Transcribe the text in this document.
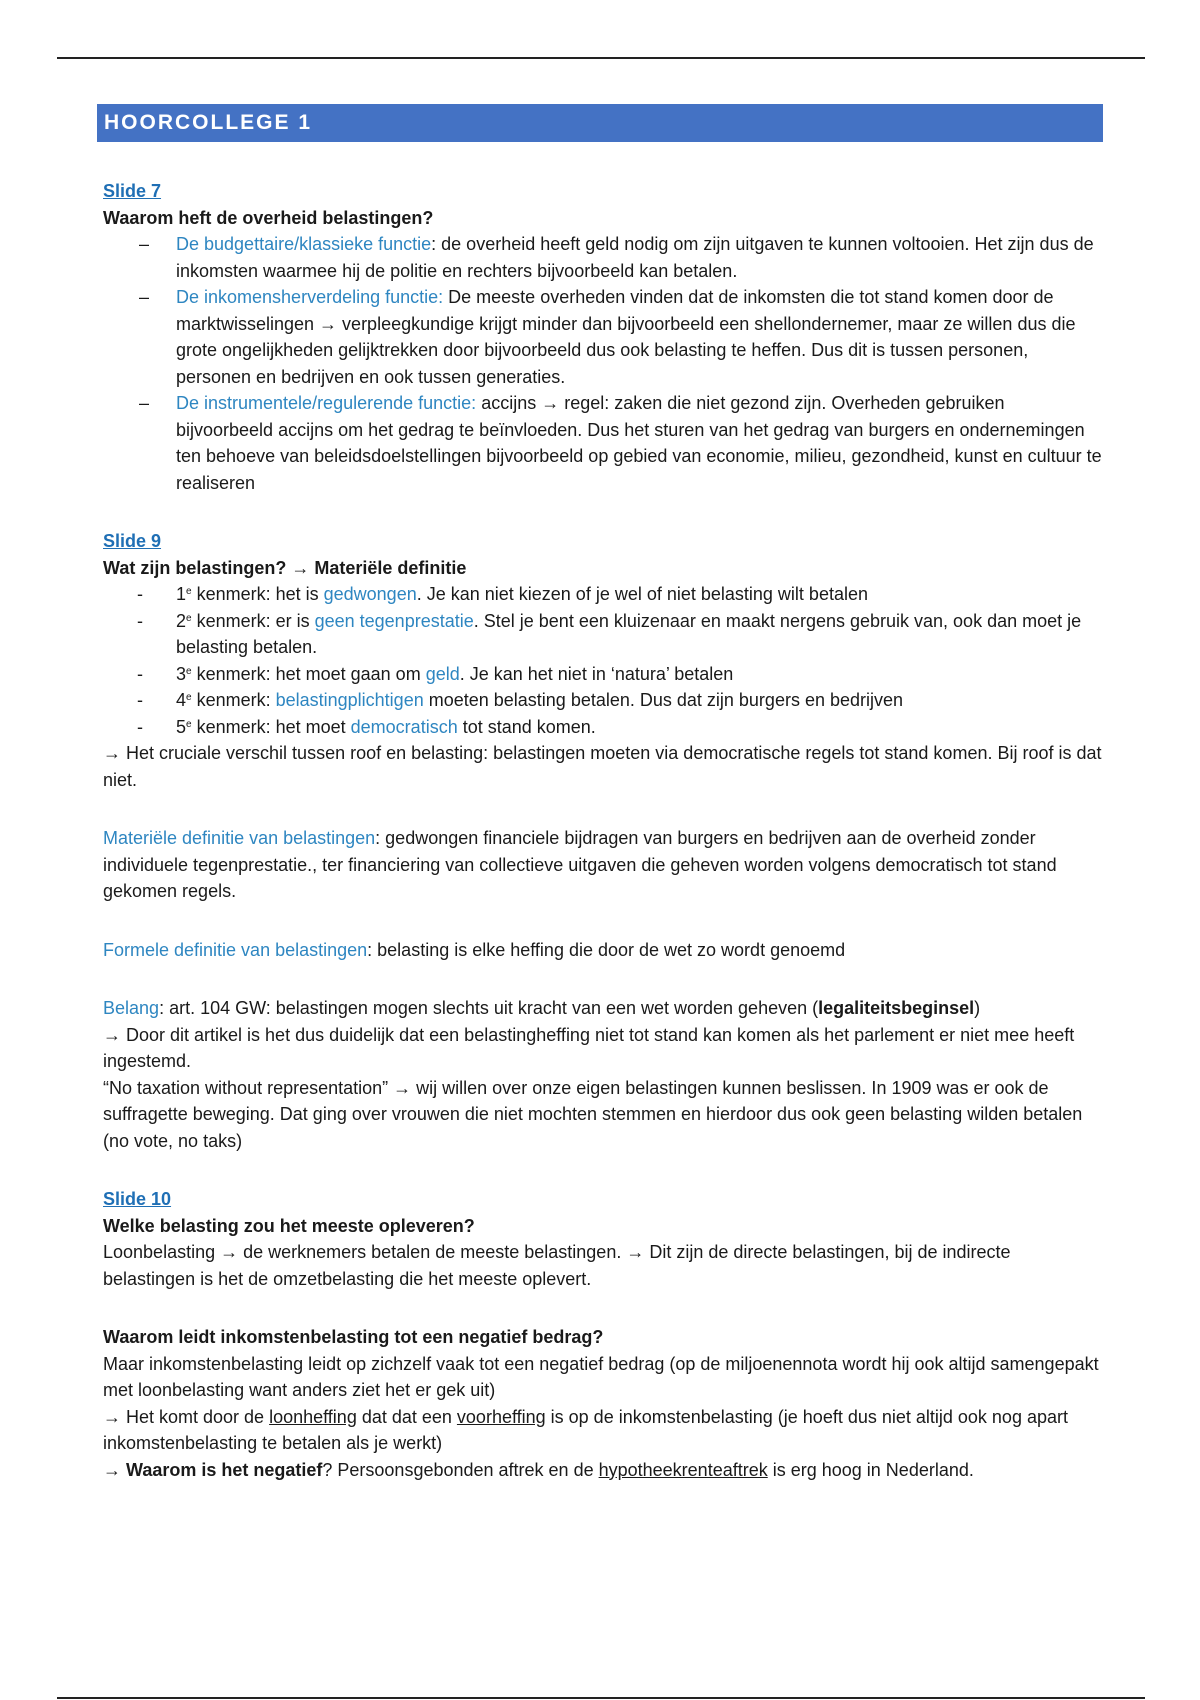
HOORCOLLEGE 1
Slide 7

Waarom heft de overheid belastingen?

– De budgettaire/klassieke functie: de overheid heeft geld nodig om zijn uitgaven te kunnen voltooien. Het zijn dus de inkomsten waarmee hij de politie en rechters bijvoorbeeld kan betalen.
– De inkomensherverdeling functie: De meeste overheden vinden dat de inkomsten die tot stand komen door de marktwisselingen → verpleegkundige krijgt minder dan bijvoorbeeld een shellondernemer, maar ze willen dus die grote ongelijkheden gelijktrekken door bijvoorbeeld dus ook belasting te heffen. Dus dit is tussen personen, personen en bedrijven en ook tussen generaties.
– De instrumentele/regulerende functie: accijns → regel: zaken die niet gezond zijn. Overheden gebruiken bijvoorbeeld accijns om het gedrag te beïnvloeden. Dus het sturen van het gedrag van burgers en ondernemingen ten behoeve van beleidsdoelstellingen bijvoorbeeld op gebied van economie, milieu, gezondheid, kunst en cultuur te realiseren
Slide 9

Wat zijn belastingen? → Materiële definitie

- 1e kenmerk: het is gedwongen. Je kan niet kiezen of je wel of niet belasting wilt betalen
- 2e kenmerk: er is geen tegenprestatie. Stel je bent een kluizenaar en maakt nergens gebruik van, ook dan moet je belasting betalen.
- 3e kenmerk: het moet gaan om geld. Je kan het niet in ‘natura’ betalen
- 4e kenmerk: belastingplichtigen moeten belasting betalen. Dus dat zijn burgers en bedrijven
- 5e kenmerk: het moet democratisch tot stand komen.

→ Het cruciale verschil tussen roof en belasting: belastingen moeten via democratische regels tot stand komen. Bij roof is dat niet.

Materiële definitie van belastingen: gedwongen financiele bijdragen van burgers en bedrijven aan de overheid zonder individuele tegenprestatie., ter financiering van collectieve uitgaven die geheven worden volgens democratisch tot stand gekomen regels.

Formele definitie van belastingen: belasting is elke heffing die door de wet zo wordt genoemd

Belang: art. 104 GW: belastingen mogen slechts uit kracht van een wet worden geheven (legaliteitsbeginsel)

→ Door dit artikel is het dus duidelijk dat een belastingheffing niet tot stand kan komen als het parlement er niet mee heeft ingestemd.

“No taxation without representation” → wij willen over onze eigen belastingen kunnen beslissen. In 1909 was er ook de suffragette beweging. Dat ging over vrouwen die niet mochten stemmen en hierdoor dus ook geen belasting wilden betalen (no vote, no taks)

Slide 10

Welke belasting zou het meeste opleveren?

Loonbelasting → de werknemers betalen de meeste belastingen. → Dit zijn de directe belastingen, bij de indirecte belastingen is het de omzetbelasting die het meeste oplevert.

Waarom leidt inkomstenbelasting tot een negatief bedrag?

Maar inkomstenbelasting leidt op zichzelf vaak tot een negatief bedrag (op de miljoenennota wordt hij ook altijd samengepakt met loonbelasting want anders ziet het er gek uit)

→ Het komt door de loonheffing dat dat een voorheffing is op de inkomstenbelasting (je hoeft dus niet altijd ook nog apart inkomstenbelasting te betalen als je werkt)

→ Waarom is het negatief? Persoonsgebonden aftrek en de hypotheekrenteaftrek is erg hoog in Nederland.
